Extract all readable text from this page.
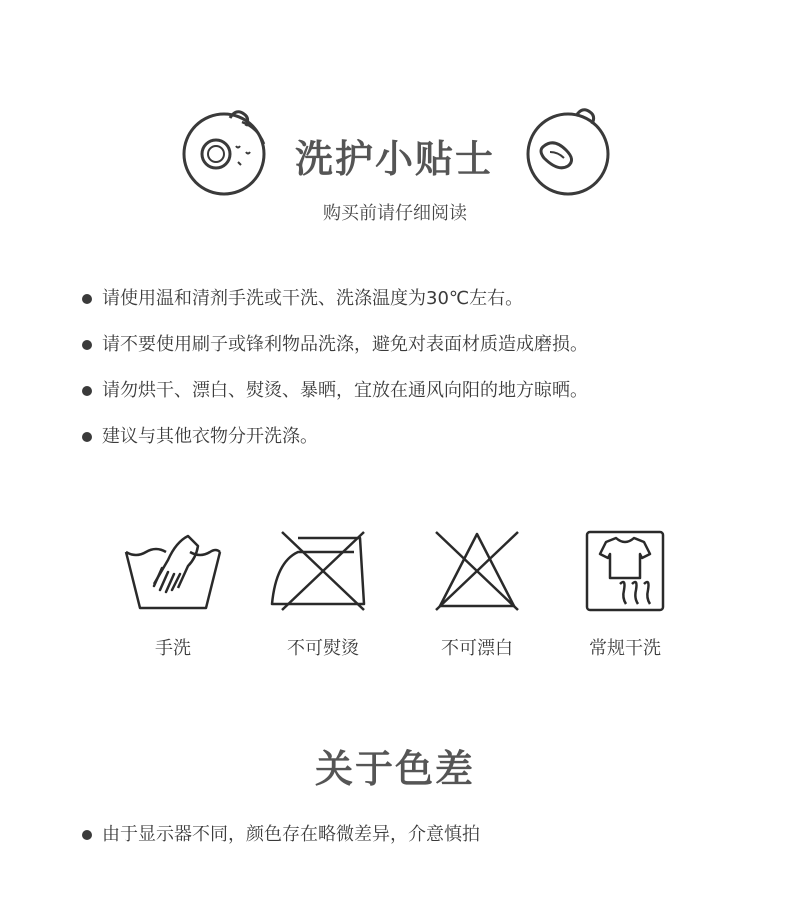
洗护小贴士
购买前请仔细阅读
请使用温和清剂手洗或干洗、洗涤温度为30℃左右。
请不要使用刷子或锋利物品洗涤，避免对表面材质造成磨损。
请勿烘干、漂白、熨烫、暴晒，宜放在通风向阳的地方晾晒。
建议与其他衣物分开洗涤。
手洗	不可熨烫	不可漂白	常规干洗
关于色差
由于显示器不同，颜色存在略微差异，介意慎拍
